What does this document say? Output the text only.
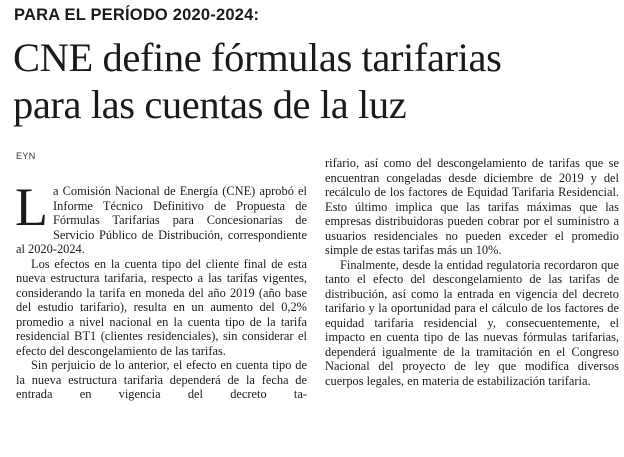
PARA EL PERÍODO 2020-2024:
CNE define fórmulas tarifarias
para las cuentas de la luz
EYN

La Comisión Nacional de Energía (CNE) aprobó el Informe Técnico Definitivo de Propuesta de Fórmulas Tarifarias para Concesionarias de Servicio Público de Distribución, correspondiente al 2020-2024.

Los efectos en la cuenta tipo del cliente final de esta nueva estructura tarifaria, respecto a las tarifas vigentes, considerando la tarifa en moneda del año 2019 (año base del estudio tarifario), resulta en un aumento del 0,2% promedio a nivel nacional en la cuenta tipo de la tarifa residencial BT1 (clientes residenciales), sin considerar el efecto del descongelamiento de las tarifas.

Sin perjuicio de lo anterior, el efecto en cuenta tipo de la nueva estructura tarifaria dependerá de la fecha de entrada en vigencia del decreto ta-

rifario, así como del descongelamiento de tarifas que se encuentran congeladas desde diciembre de 2019 y del recálculo de los factores de Equidad Tarifaria Residencial. Esto último implica que las tarifas máximas que las empresas distribuidoras pueden cobrar por el suministro a usuarios residenciales no pueden exceder el promedio simple de estas tarifas más un 10%.

Finalmente, desde la entidad regulatoria recordaron que tanto el efecto del descongelamiento de las tarifas de distribución, así como la entrada en vigencia del decreto tarifario y la oportunidad para el cálculo de los factores de equidad tarifaria residencial y, consecuentemente, el impacto en cuenta tipo de las nuevas fórmulas tarifarias, dependerá igualmente de la tramitación en el Congreso Nacional del proyecto de ley que modifica diversos cuerpos legales, en materia de estabilización tarifaria.
